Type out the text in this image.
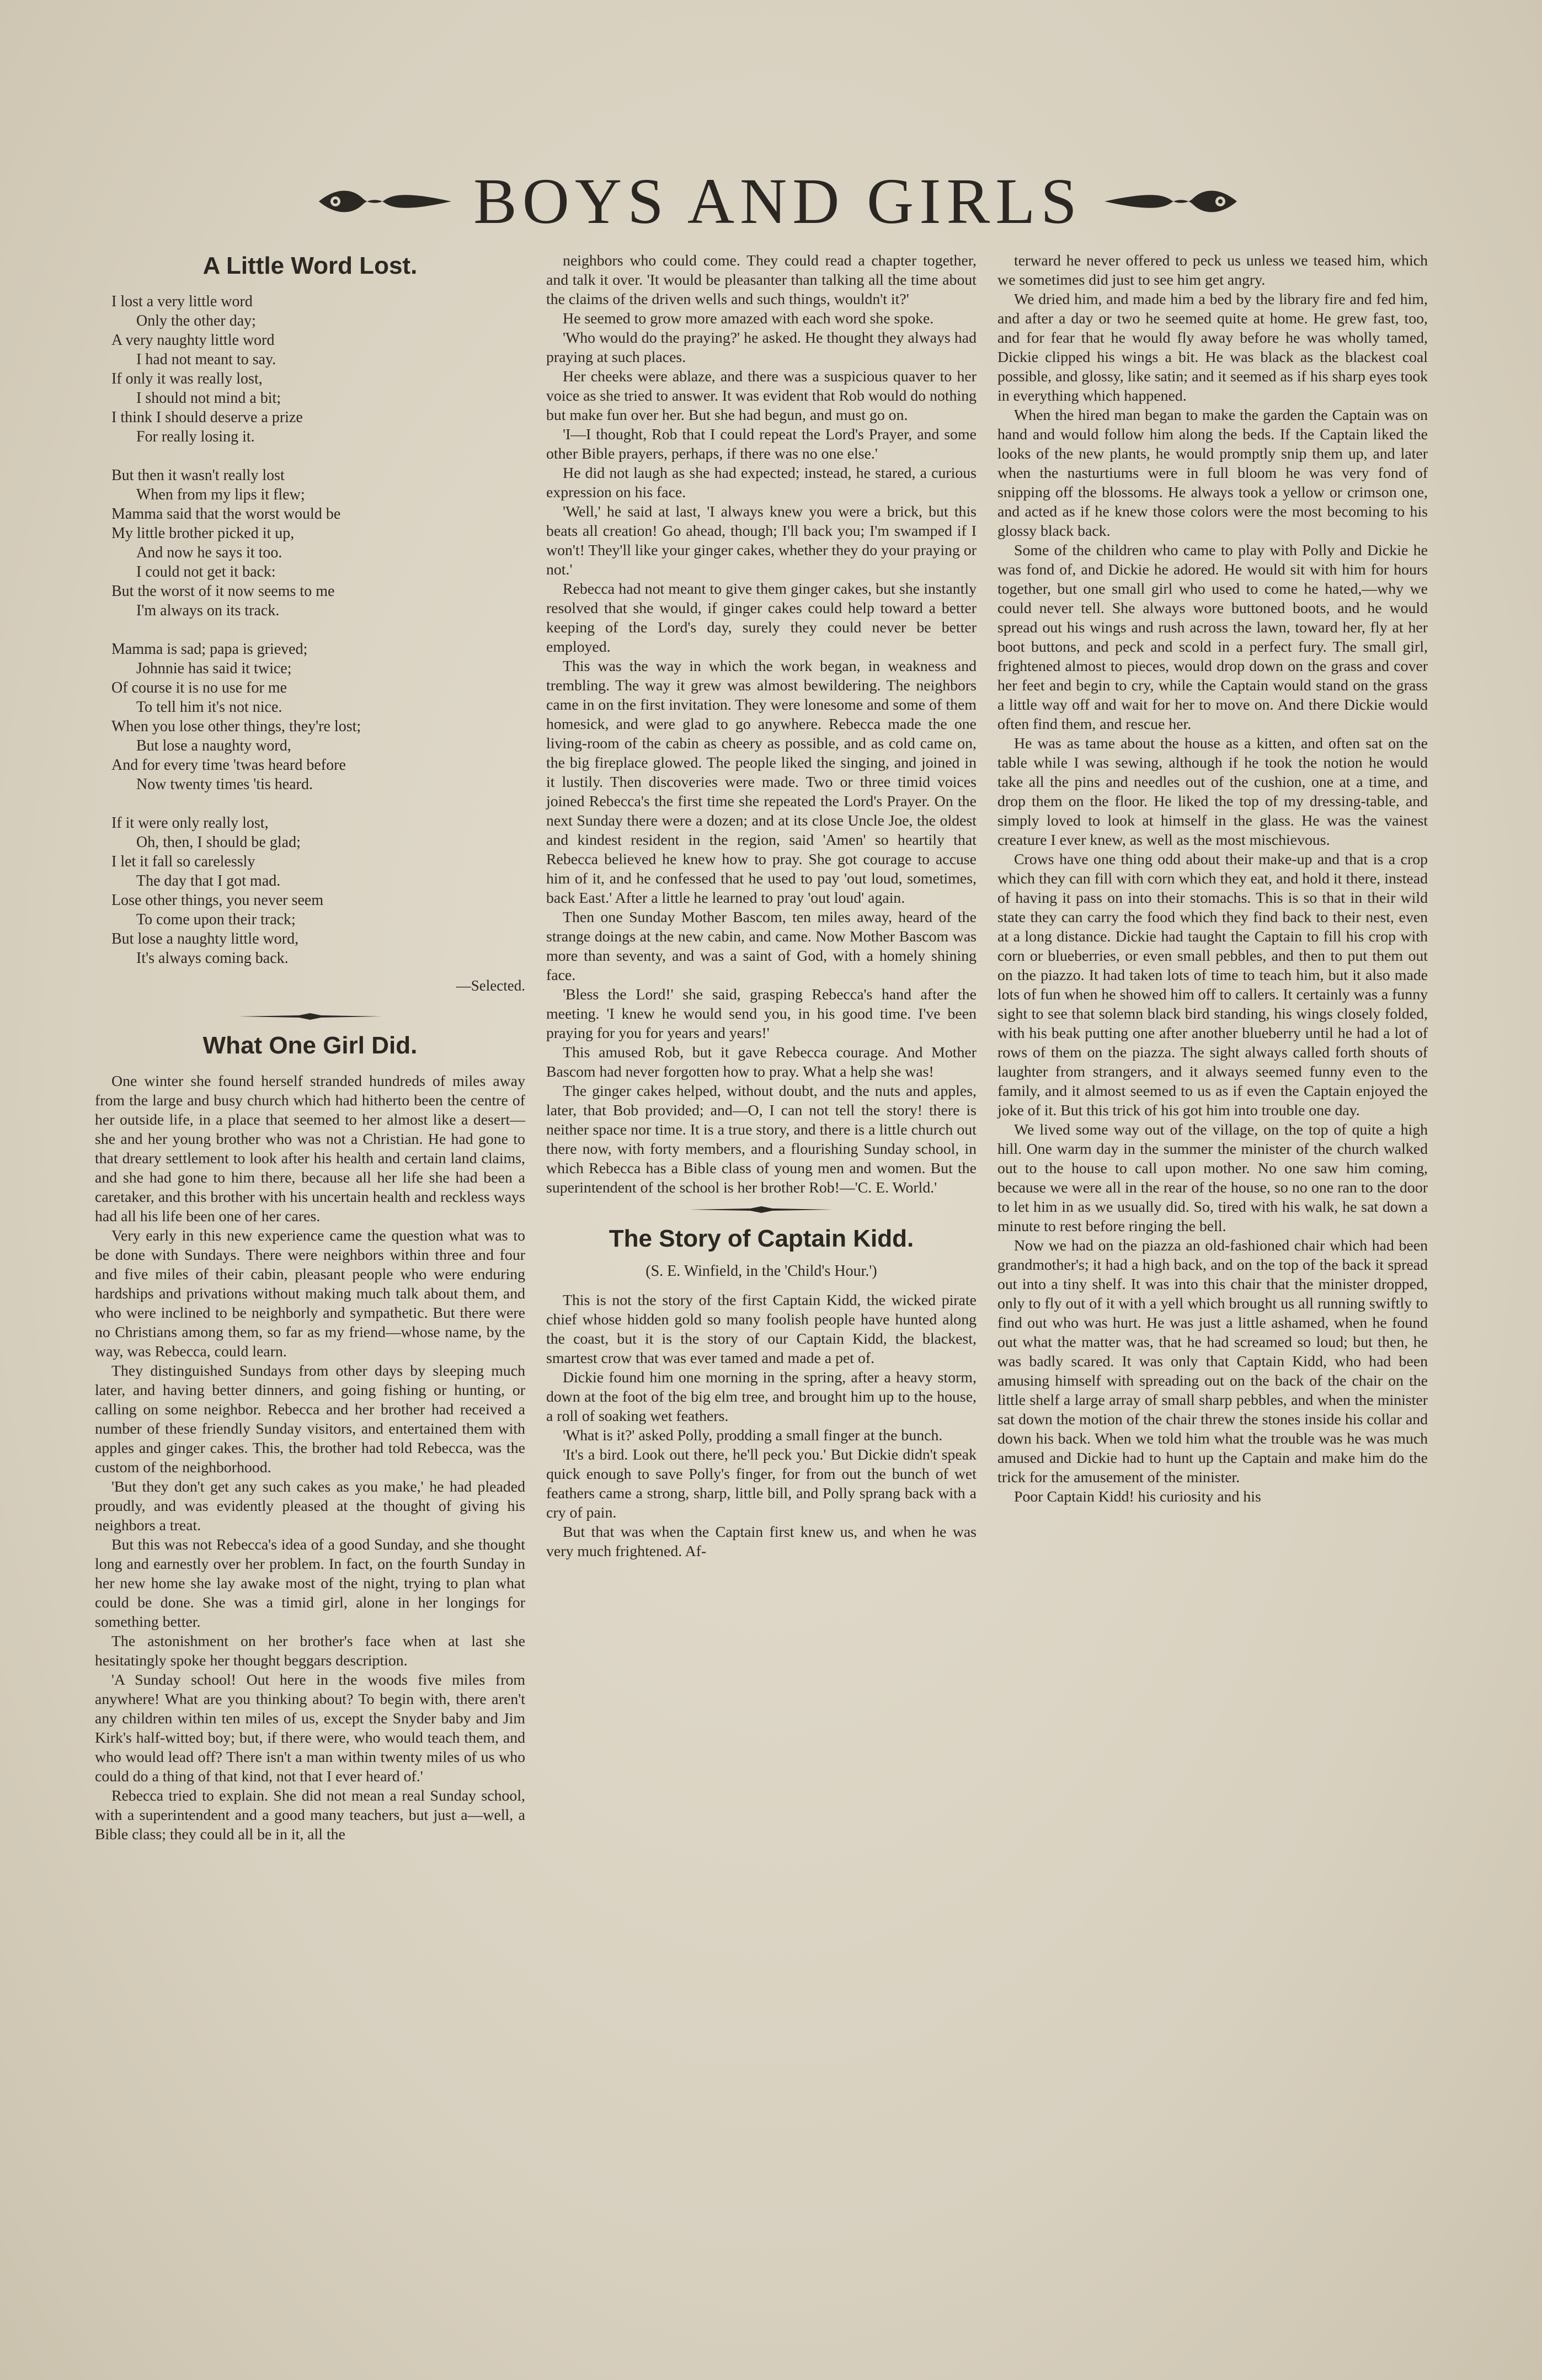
BOYS AND GIRLS
A Little Word Lost.
I lost a very little word
Only the other day;
A very naughty little word
I had not meant to say.
If only it was really lost,
I should not mind a bit;
I think I should deserve a prize
For really losing it.
But then it wasn't really lost
When from my lips it flew;
Mamma said that the worst would be
My little brother picked it up,
And now he says it too.
I could not get it back:
But the worst of it now seems to me
I'm always on its track.
Mamma is sad; papa is grieved;
Johnnie has said it twice;
Of course it is no use for me
To tell him it's not nice.
When you lose other things, they're lost;
But lose a naughty word,
And for every time 'twas heard before
Now twenty times 'tis heard.
If it were only really lost,
Oh, then, I should be glad;
I let it fall so carelessly
The day that I got mad.
Lose other things, you never seem
To come upon their track;
But lose a naughty little word,
It's always coming back.
—Selected.
What One Girl Did.

One winter she found herself stranded hundreds of miles away from the large and busy church which had hitherto been the centre of her outside life, in a place that seemed to her almost like a desert—she and her young brother who was not a Christian. He had gone to that dreary settlement to look after his health and certain land claims, and she had gone to him there, because all her life she had been a caretaker, and this brother with his uncertain health and reckless ways had all his life been one of her cares.

Very early in this new experience came the question what was to be done with Sundays. There were neighbors within three and four and five miles of their cabin, pleasant people who were enduring hardships and privations without making much talk about them, and who were inclined to be neighborly and sympathetic. But there were no Christians among them, so far as my friend—whose name, by the way, was Rebecca, could learn.

They distinguished Sundays from other days by sleeping much later, and having better dinners, and going fishing or hunting, or calling on some neighbor. Rebecca and her brother had received a number of these friendly Sunday visitors, and entertained them with apples and ginger cakes. This, the brother had told Rebecca, was the custom of the neighborhood.

'But they don't get any such cakes as you make,' he had pleaded proudly, and was evidently pleased at the thought of giving his neighbors a treat.

But this was not Rebecca's idea of a good Sunday, and she thought long and earnestly over her problem. In fact, on the fourth Sunday in her new home she lay awake most of the night, trying to plan what could be done. She was a timid girl, alone in her longings for something better.

The astonishment on her brother's face when at last she hesitatingly spoke her thought beggars description.

'A Sunday school! Out here in the woods five miles from anywhere! What are you thinking about? To begin with, there aren't any children within ten miles of us, except the Snyder baby and Jim Kirk's half-witted boy; but, if there were, who would teach them, and who would lead off? There isn't a man within twenty miles of us who could do a thing of that kind, not that I ever heard of.'

Rebecca tried to explain. She did not mean a real Sunday school, with a superintendent and a good many teachers, but just a—well, a Bible class; they could all be in it, all the

neighbors who could come. They could read a chapter together, and talk it over. 'It would be pleasanter than talking all the time about the claims of the driven wells and such things, wouldn't it?'

He seemed to grow more amazed with each word she spoke.

'Who would do the praying?' he asked. He thought they always had praying at such places.

Her cheeks were ablaze, and there was a suspicious quaver to her voice as she tried to answer. It was evident that Rob would do nothing but make fun over her. But she had begun, and must go on.

'I—I thought, Rob that I could repeat the Lord's Prayer, and some other Bible prayers, perhaps, if there was no one else.'

He did not laugh as she had expected; instead, he stared, a curious expression on his face.

'Well,' he said at last, 'I always knew you were a brick, but this beats all creation! Go ahead, though; I'll back you; I'm swamped if I won't! They'll like your ginger cakes, whether they do your praying or not.'

Rebecca had not meant to give them ginger cakes, but she instantly resolved that she would, if ginger cakes could help toward a better keeping of the Lord's day, surely they could never be better employed.

This was the way in which the work began, in weakness and trembling. The way it grew was almost bewildering. The neighbors came in on the first invitation. They were lonesome and some of them homesick, and were glad to go anywhere. Rebecca made the one living-room of the cabin as cheery as possible, and as cold came on, the big fireplace glowed. The people liked the singing, and joined in it lustily. Then discoveries were made. Two or three timid voices joined Rebecca's the first time she repeated the Lord's Prayer. On the next Sunday there were a dozen; and at its close Uncle Joe, the oldest and kindest resident in the region, said 'Amen' so heartily that Rebecca believed he knew how to pray. She got courage to accuse him of it, and he confessed that he used to pay 'out loud, sometimes, back East.' After a little he learned to pray 'out loud' again.

Then one Sunday Mother Bascom, ten miles away, heard of the strange doings at the new cabin, and came. Now Mother Bascom was more than seventy, and was a saint of God, with a homely shining face.

'Bless the Lord!' she said, grasping Rebecca's hand after the meeting. 'I knew he would send you, in his good time. I've been praying for you for years and years!'

This amused Rob, but it gave Rebecca courage. And Mother Bascom had never forgotten how to pray. What a help she was!

The ginger cakes helped, without doubt, and the nuts and apples, later, that Bob provided; and—O, I can not tell the story! there is neither space nor time. It is a true story, and there is a little church out there now, with forty members, and a flourishing Sunday school, in which Rebecca has a Bible class of young men and women. But the superintendent of the school is her brother Rob!—'C. E. World.'

The Story of Captain Kidd.
(S. E. Winfield, in the 'Child's Hour.')

This is not the story of the first Captain Kidd, the wicked pirate chief whose hidden gold so many foolish people have hunted along the coast, but it is the story of our Captain Kidd, the blackest, smartest crow that was ever tamed and made a pet of.

Dickie found him one morning in the spring, after a heavy storm, down at the foot of the big elm tree, and brought him up to the house, a roll of soaking wet feathers.

'What is it?' asked Polly, prodding a small finger at the bunch.

'It's a bird. Look out there, he'll peck you.' But Dickie didn't speak quick enough to save Polly's finger, for from out the bunch of wet feathers came a strong, sharp, little bill, and Polly sprang back with a cry of pain.

But that was when the Captain first knew us, and when he was very much frightened. Af-

terward he never offered to peck us unless we teased him, which we sometimes did just to see him get angry.

We dried him, and made him a bed by the library fire and fed him, and after a day or two he seemed quite at home. He grew fast, too, and for fear that he would fly away before he was wholly tamed, Dickie clipped his wings a bit. He was black as the blackest coal possible, and glossy, like satin; and it seemed as if his sharp eyes took in everything which happened.

When the hired man began to make the garden the Captain was on hand and would follow him along the beds. If the Captain liked the looks of the new plants, he would promptly snip them up, and later when the nasturtiums were in full bloom he was very fond of snipping off the blossoms. He always took a yellow or crimson one, and acted as if he knew those colors were the most becoming to his glossy black back.

Some of the children who came to play with Polly and Dickie he was fond of, and Dickie he adored. He would sit with him for hours together, but one small girl who used to come he hated,—why we could never tell. She always wore buttoned boots, and he would spread out his wings and rush across the lawn, toward her, fly at her boot buttons, and peck and scold in a perfect fury. The small girl, frightened almost to pieces, would drop down on the grass and cover her feet and begin to cry, while the Captain would stand on the grass a little way off and wait for her to move on. And there Dickie would often find them, and rescue her.

He was as tame about the house as a kitten, and often sat on the table while I was sewing, although if he took the notion he would take all the pins and needles out of the cushion, one at a time, and drop them on the floor. He liked the top of my dressing-table, and simply loved to look at himself in the glass. He was the vainest creature I ever knew, as well as the most mischievous.

Crows have one thing odd about their make-up and that is a crop which they can fill with corn which they eat, and hold it there, instead of having it pass on into their stomachs. This is so that in their wild state they can carry the food which they find back to their nest, even at a long distance. Dickie had taught the Captain to fill his crop with corn or blueberries, or even small pebbles, and then to put them out on the piazzo. It had taken lots of time to teach him, but it also made lots of fun when he showed him off to callers. It certainly was a funny sight to see that solemn black bird standing, his wings closely folded, with his beak putting one after another blueberry until he had a lot of rows of them on the piazza. The sight always called forth shouts of laughter from strangers, and it always seemed funny even to the family, and it almost seemed to us as if even the Captain enjoyed the joke of it. But this trick of his got him into trouble one day.

We lived some way out of the village, on the top of quite a high hill. One warm day in the summer the minister of the church walked out to the house to call upon mother. No one saw him coming, because we were all in the rear of the house, so no one ran to the door to let him in as we usually did. So, tired with his walk, he sat down a minute to rest before ringing the bell.

Now we had on the piazza an old-fashioned chair which had been grandmother's; it had a high back, and on the top of the back it spread out into a tiny shelf. It was into this chair that the minister dropped, only to fly out of it with a yell which brought us all running swiftly to find out who was hurt. He was just a little ashamed, when he found out what the matter was, that he had screamed so loud; but then, he was badly scared. It was only that Captain Kidd, who had been amusing himself with spreading out on the back of the chair on the little shelf a large array of small sharp pebbles, and when the minister sat down the motion of the chair threw the stones inside his collar and down his back. When we told him what the trouble was he was much amused and Dickie had to hunt up the Captain and make him do the trick for the amusement of the minister.

Poor Captain Kidd! his curiosity and his
